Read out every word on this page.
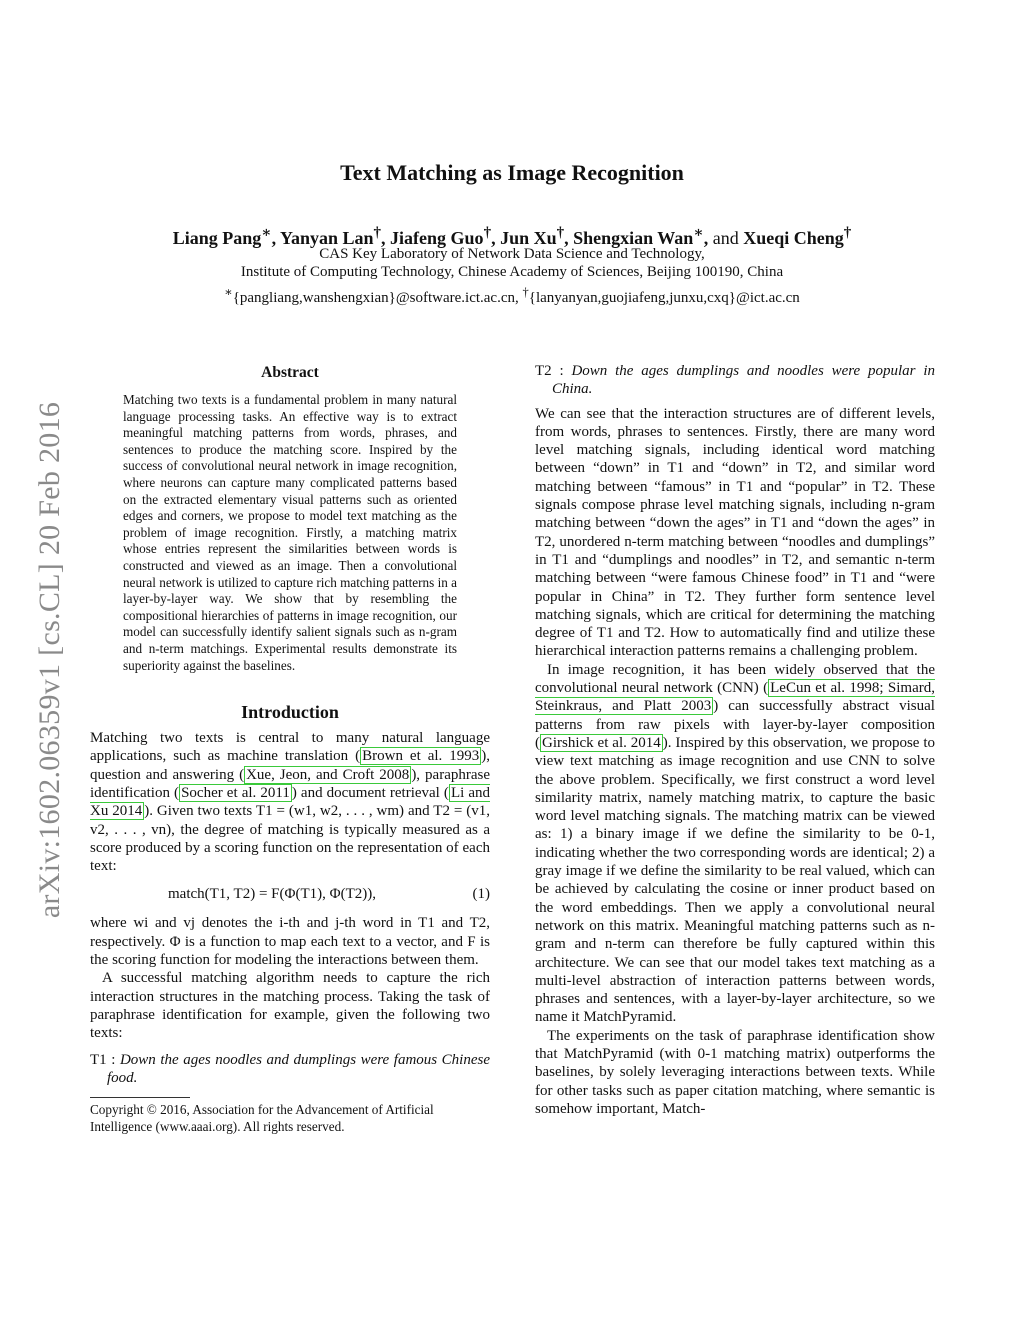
arXiv:1602.06359v1 [cs.CL] 20 Feb 2016
Text Matching as Image Recognition
Liang Pang∗, Yanyan Lan†, Jiafeng Guo†, Jun Xu†, Shengxian Wan∗, and Xueqi Cheng†
CAS Key Laboratory of Network Data Science and Technology,
Institute of Computing Technology, Chinese Academy of Sciences, Beijing 100190, China
∗{pangliang,wanshengxian}@software.ict.ac.cn, †{lanyanyan,guojiafeng,junxu,cxq}@ict.ac.cn
Abstract

Matching two texts is a fundamental problem in many natural language processing tasks. An effective way is to extract meaningful matching patterns from words, phrases, and sentences to produce the matching score. Inspired by the success of convolutional neural network in image recognition, where neurons can capture many complicated patterns based on the extracted elementary visual patterns such as oriented edges and corners, we propose to model text matching as the problem of image recognition. Firstly, a matching matrix whose entries represent the similarities between words is constructed and viewed as an image. Then a convolutional neural network is utilized to capture rich matching patterns in a layer-by-layer way. We show that by resembling the compositional hierarchies of patterns in image recognition, our model can successfully identify salient signals such as n-gram and n-term matchings. Experimental results demonstrate its superiority against the baselines.

Introduction

Matching two texts is central to many natural language applications, such as machine translation ( Brown et al. 1993 ), question and answering ( Xue, Jeon, and Croft 2008 ), paraphrase identification ( Socher et al. 2011 ) and document retrieval ( Li and Xu 2014 ). Given two texts T1 = (w1, w2, . . . , wm) and T2 = (v1, v2, . . . , vn), the degree of matching is typically measured as a score produced by a scoring function on the representation of each text:

match(T1, T2) = F(Φ(T1), Φ(T2)),	(1)

where wi and vj denotes the i-th and j-th word in T1 and T2, respectively. Φ is a function to map each text to a vector, and F is the scoring function for modeling the interactions between them.

A successful matching algorithm needs to capture the rich interaction structures in the matching process. Taking the task of paraphrase identification for example, given the following two texts:

T1 : Down the ages noodles and dumplings were famous Chinese food.
Copyright © 2016, Association for the Advancement of Artificial Intelligence (www.aaai.org). All rights reserved.
T2 : Down the ages dumplings and noodles were popular in China.

We can see that the interaction structures are of different levels, from words, phrases to sentences. Firstly, there are many word level matching signals, including identical word matching between “down” in T1 and “down” in T2, and similar word matching between “famous” in T1 and “popular” in T2. These signals compose phrase level matching signals, including n-gram matching between “down the ages” in T1 and “down the ages” in T2, unordered n-term matching between “noodles and dumplings” in T1 and “dumplings and noodles” in T2, and semantic n-term matching between “were famous Chinese food” in T1 and “were popular in China” in T2. They further form sentence level matching signals, which are critical for determining the matching degree of T1 and T2. How to automatically find and utilize these hierarchical interaction patterns remains a challenging problem.

In image recognition, it has been widely observed that the convolutional neural network (CNN) ( LeCun et al. 1998; Simard, Steinkraus, and Platt 2003 ) can successfully abstract visual patterns from raw pixels with layer-by-layer composition ( Girshick et al. 2014 ). Inspired by this observation, we propose to view text matching as image recognition and use CNN to solve the above problem. Specifically, we first construct a word level similarity matrix, namely matching matrix, to capture the basic word level matching signals. The matching matrix can be viewed as: 1) a binary image if we define the similarity to be 0-1, indicating whether the two corresponding words are identical; 2) a gray image if we define the similarity to be real valued, which can be achieved by calculating the cosine or inner product based on the word embeddings. Then we apply a convolutional neural network on this matrix. Meaningful matching patterns such as n-gram and n-term can therefore be fully captured within this architecture. We can see that our model takes text matching as a multi-level abstraction of interaction patterns between words, phrases and sentences, with a layer-by-layer architecture, so we name it MatchPyramid.

The experiments on the task of paraphrase identification show that MatchPyramid (with 0-1 matching matrix) outperforms the baselines, by solely leveraging interactions between texts. While for other tasks such as paper citation matching, where semantic is somehow important, Match-
